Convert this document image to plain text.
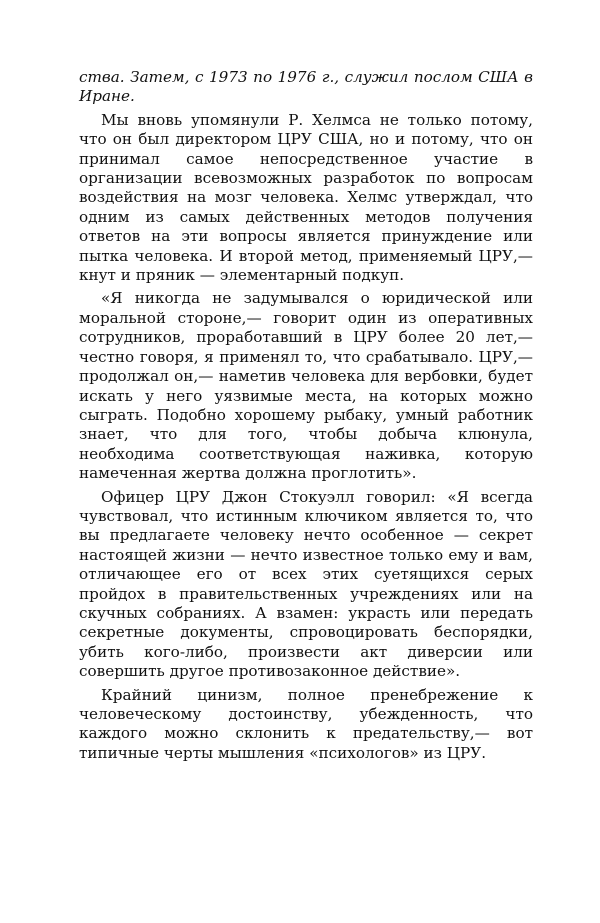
ства. Затем, с 1973 по 1976 г., служил послом США в Иране.

Мы вновь упомянули Р. Хелмса не только потому, что он был директором ЦРУ США, но и потому, что он принимал самое непосредственное участие в организации всевозможных разработок по вопросам воздействия на мозг человека. Хелмс утверждал, что одним из самых действенных методов получения ответов на эти вопросы является принуждение или пытка человека. И второй метод, применяемый ЦРУ,— кнут и пряник — элементарный подкуп.

«Я никогда не задумывался о юридической или моральной стороне,— говорит один из оперативных сотрудников, проработавший в ЦРУ более 20 лет,— честно говоря, я применял то, что срабатывало. ЦРУ,— продолжал он,— наметив человека для вербовки, будет искать у него уязвимые места, на которых можно сыграть. Подобно хорошему рыбаку, умный работник знает, что для того, чтобы добыча клюнула, необходима соответствующая наживка, которую намеченная жертва должна проглотить».

Офицер ЦРУ Джон Стокуэлл говорил: «Я всегда чувствовал, что истинным ключиком является то, что вы предлагаете человеку нечто особенное — секрет настоящей жизни — нечто известное только ему и вам, отличающее его от всех этих суетящихся серых пройдох в правительственных учреждениях или на скучных собраниях. А взамен: украсть или передать секретные документы, спровоцировать беспорядки, убить кого-либо, произвести акт диверсии или совершить другое противозаконное действие».

Крайний цинизм, полное пренебрежение к человеческому достоинству, убежденность, что каждого можно склонить к предательству,— вот типичные черты мышления «психологов» из ЦРУ.
